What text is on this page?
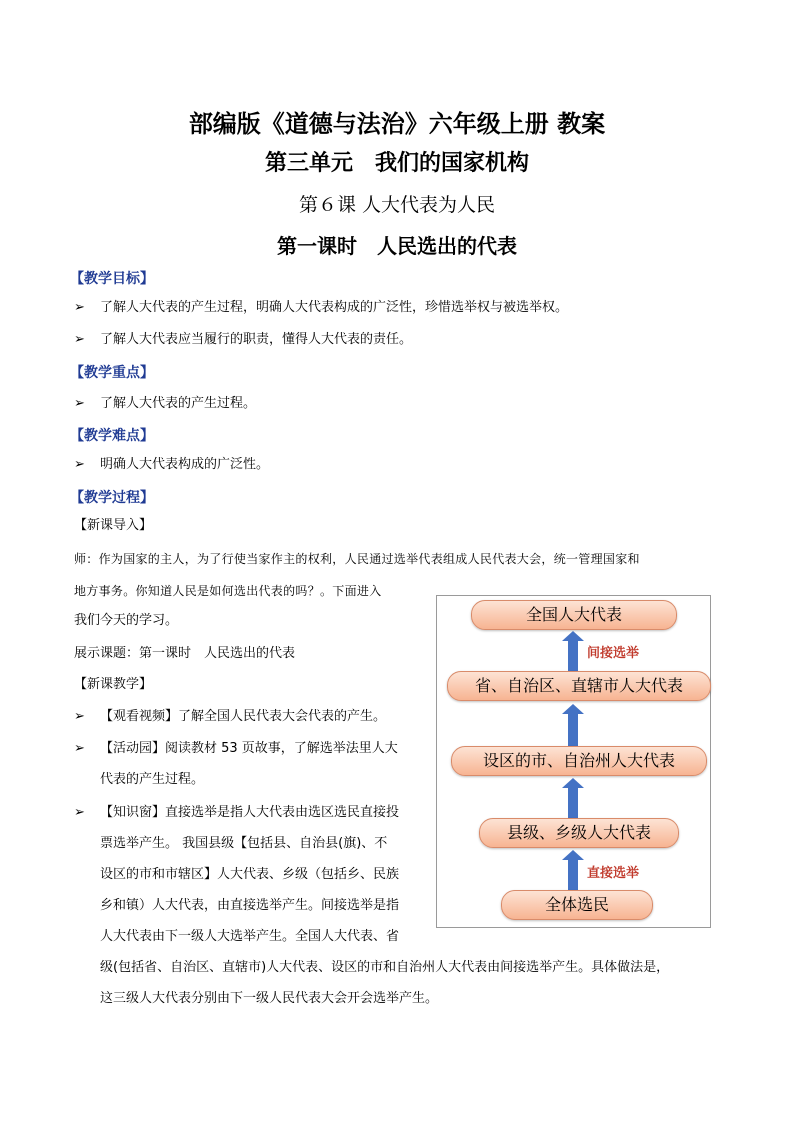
部编版《道德与法治》六年级上册 教案
第三单元　我们的国家机构
第６课 人大代表为人民
第一课时　人民选出的代表
【教学目标】
➢ 了解人大代表的产生过程，明确人大代表构成的广泛性，珍惜选举权与被选举权。
➢ 了解人大代表应当履行的职责，懂得人大代表的责任。
【教学重点】
➢ 了解人大代表的产生过程。
【教学难点】
➢ 明确人大代表构成的广泛性。
【教学过程】
【新课导入】
师：作为国家的主人，为了行使当家作主的权利，人民通过选举代表组成人民代表大会，统一管理国家和
地方事务。你知道人民是如何选出代表的吗？。下面进入
我们今天的学习。
展示课题：第一课时　人民选出的代表
【新课教学】
➢ 【观看视频】了解全国人民代表大会代表的产生。
➢ 【活动园】阅读教材 53 页故事，了解选举法里人大
代表的产生过程。
➢ 【知识窗】直接选举是指人大代表由选区选民直接投
票选举产生。 我国县级【包括县、自治县(旗)、不
设区的市和市辖区】人大代表、乡级（包括乡、民族
乡和镇）人大代表，由直接选举产生。间接选举是指
人大代表由下一级人大选举产生。全国人大代表、省
级(包括省、自治区、直辖市)人大代表、设区的市和自治州人大代表由间接选举产生。具体做法是，
这三级人大代表分别由下一级人民代表大会开会选举产生。
全国人大代表
间接选举
省、自治区、直辖市人大代表
设区的市、自治州人大代表
县级、乡级人大代表
直接选举
全体选民
